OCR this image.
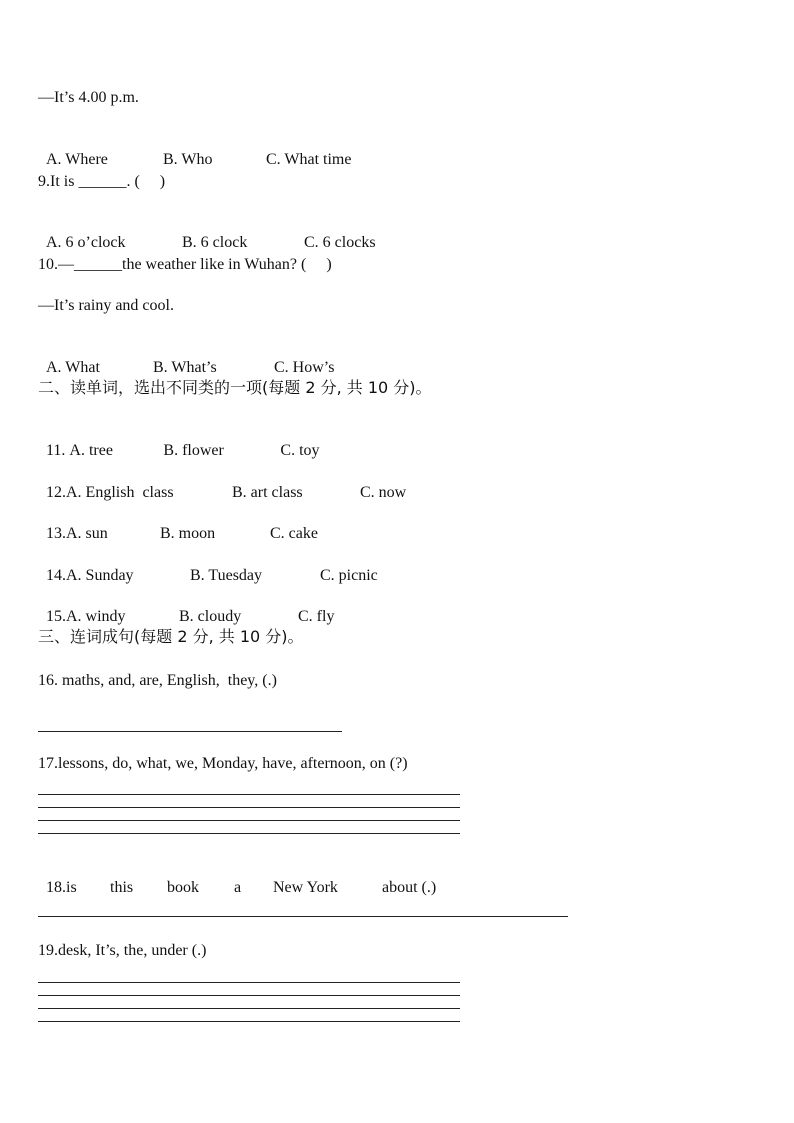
—It’s 4.00 p.m.

A. Where	B. Who	C. What time

9.It is ______. (     )

A. 6 o’clock	B. 6 clock	C. 6 clocks

10.—______the weather like in Wuhan? (     )
—It’s rainy and cool.

A. What	B. What’s	C. How’s

二、读单词，选出不同类的一项(每题 2 分, 共 10 分)。

11. A. tree	B. flower	C. toy

12.A. English  class	B. art class	C. now

13.A. sun	B. moon	C. cake

14.A. Sunday	B. Tuesday	C. picnic

15.A. windy	B. cloudy	C. fly

三、连词成句(每题 2 分, 共 10 分)。
16. maths, and, are, English,  they, (.)
17.lessons, do, what, we, Monday, have, afternoon, on (?)

18.is this book a New York	about (.)

19.desk, It’s, the, under (.)
